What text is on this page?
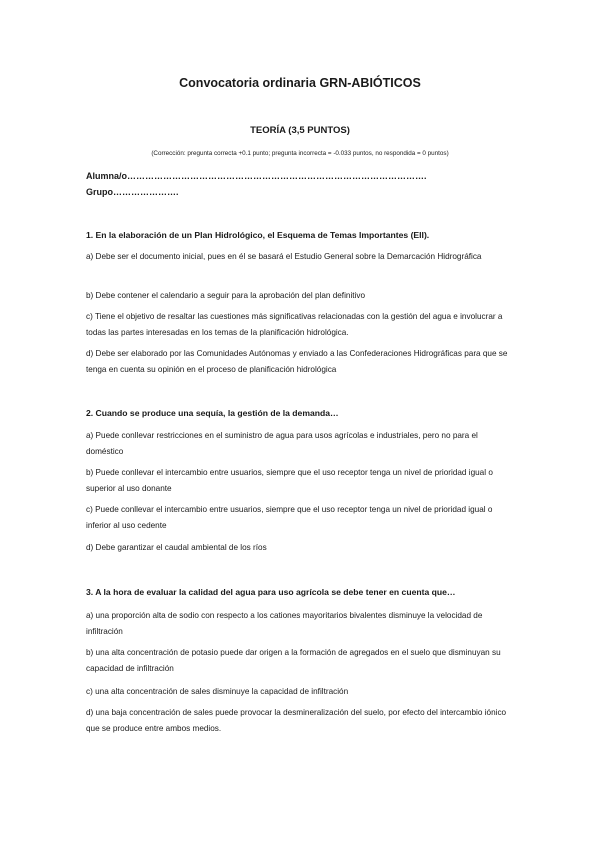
Convocatoria ordinaria GRN-ABIÓTICOS
TEORÍA (3,5 PUNTOS)
(Corrección: pregunta correcta +0.1 punto; pregunta incorrecta = -0.033 puntos, no respondida = 0 puntos)
Alumna/o……………………………………………………………………………………….
Grupo………………….
1. En la elaboración de un Plan Hidrológico, el Esquema de Temas Importantes (EII).
a) Debe ser el documento inicial, pues en él se basará el Estudio General sobre la Demarcación Hidrográfica
b) Debe contener el calendario a seguir para la aprobación del plan definitivo
c) Tiene el objetivo de resaltar las cuestiones más significativas relacionadas con la gestión del agua e involucrar a todas las partes interesadas en los temas de la planificación hidrológica.
d) Debe ser elaborado por las Comunidades Autónomas y enviado a las Confederaciones Hidrográficas para que se tenga en cuenta su opinión en el proceso de planificación hidrológica
2. Cuando se produce una sequía, la gestión de la demanda…
a) Puede conllevar restricciones en el suministro de agua para usos agrícolas e industriales, pero no para el doméstico
b) Puede conllevar el intercambio entre usuarios, siempre que el uso receptor tenga un nivel de prioridad igual o superior al uso donante
c) Puede conllevar el intercambio entre usuarios, siempre que el uso receptor tenga un nivel de prioridad igual o inferior al uso cedente
d) Debe garantizar el caudal ambiental de los ríos
3. A la hora de evaluar la calidad del agua para uso agrícola se debe tener en cuenta que…
a) una proporción alta de sodio con respecto a los cationes mayoritarios bivalentes disminuye la velocidad de infiltración
b) una alta concentración de potasio puede dar origen a la formación de agregados en el suelo que disminuyan su capacidad de infiltración
c) una alta concentración de sales disminuye la capacidad de infiltración
d) una baja concentración de sales puede provocar la desmineralización del suelo, por efecto del intercambio iónico que se produce entre ambos medios.
